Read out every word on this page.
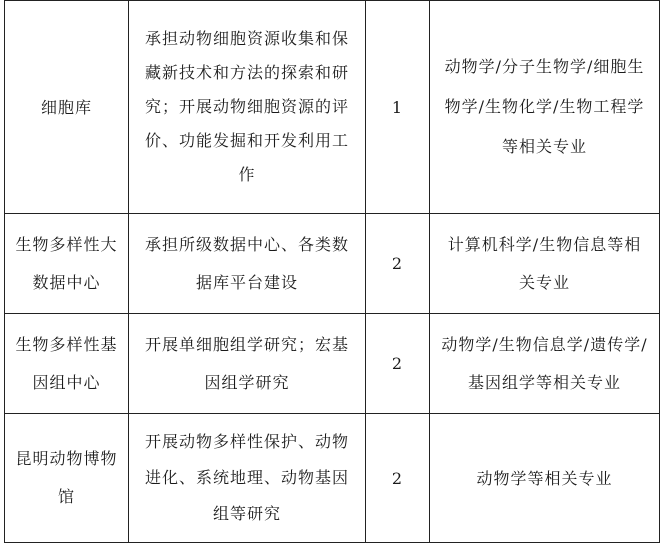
细胞库	承担动物细胞资源收集和保藏新技术和方法的探索和研究；开展动物细胞资源的评价、功能发掘和开发利用工作	1	动物学/分子生物学/细胞生物学/生物化学/生物工程学等相关专业

生物多样性大数据中心	承担所级数据中心、各类数据库平台建设	2	计算机科学/生物信息等相关专业

生物多样性基因组中心	开展单细胞组学研究；宏基因组学研究	2	动物学/生物信息学/遗传学/基因组学等相关专业

昆明动物博物馆	开展动物多样性保护、动物进化、系统地理、动物基因组等研究	2	动物学等相关专业
